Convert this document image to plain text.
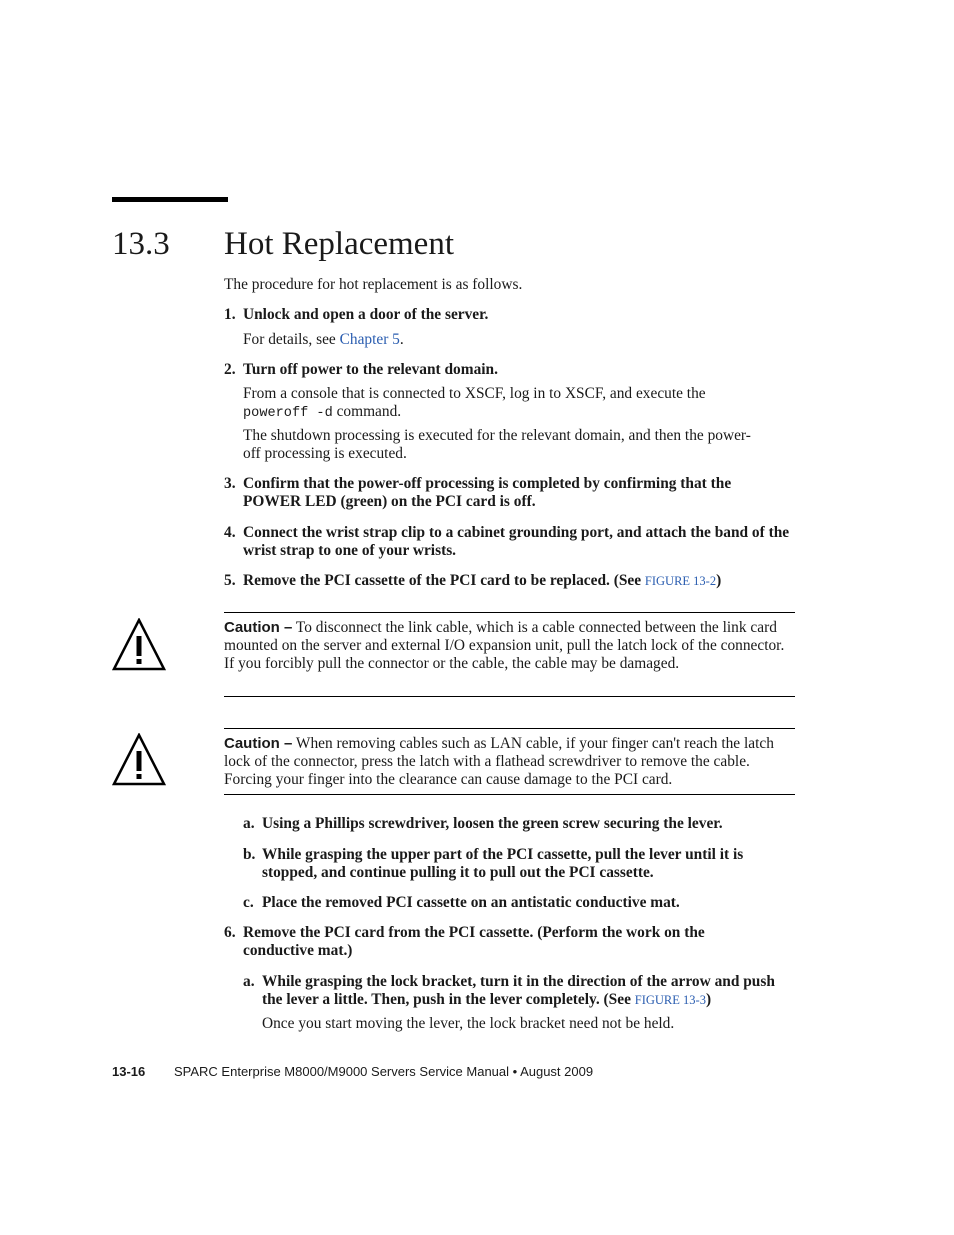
13.3 Hot Replacement
The procedure for hot replacement is as follows.
1. Unlock and open a door of the server.
For details, see Chapter 5.
2. Turn off power to the relevant domain.
From a console that is connected to XSCF, log in to XSCF, and execute the
poweroff -d command.
The shutdown processing is executed for the relevant domain, and then the power-off processing is executed.
3. Confirm that the power-off processing is completed by confirming that the POWER LED (green) on the PCI card is off.
4. Connect the wrist strap clip to a cabinet grounding port, and attach the band of the wrist strap to one of your wrists.
5. Remove the PCI cassette of the PCI card to be replaced. (See FIGURE 13-2)
Caution – To disconnect the link cable, which is a cable connected between the link card mounted on the server and external I/O expansion unit, pull the latch lock of the connector. If you forcibly pull the connector or the cable, the cable may be damaged.
Caution – When removing cables such as LAN cable, if your finger can't reach the latch lock of the connector, press the latch with a flathead screwdriver to remove the cable. Forcing your finger into the clearance can cause damage to the PCI card.
a. Using a Phillips screwdriver, loosen the green screw securing the lever.
b. While grasping the upper part of the PCI cassette, pull the lever until it is stopped, and continue pulling it to pull out the PCI cassette.
c. Place the removed PCI cassette on an antistatic conductive mat.
6. Remove the PCI card from the PCI cassette. (Perform the work on the conductive mat.)
a. While grasping the lock bracket, turn it in the direction of the arrow and push the lever a little. Then, push in the lever completely. (See FIGURE 13-3)
Once you start moving the lever, the lock bracket need not be held.
13-16 SPARC Enterprise M8000/M9000 Servers Service Manual • August 2009
